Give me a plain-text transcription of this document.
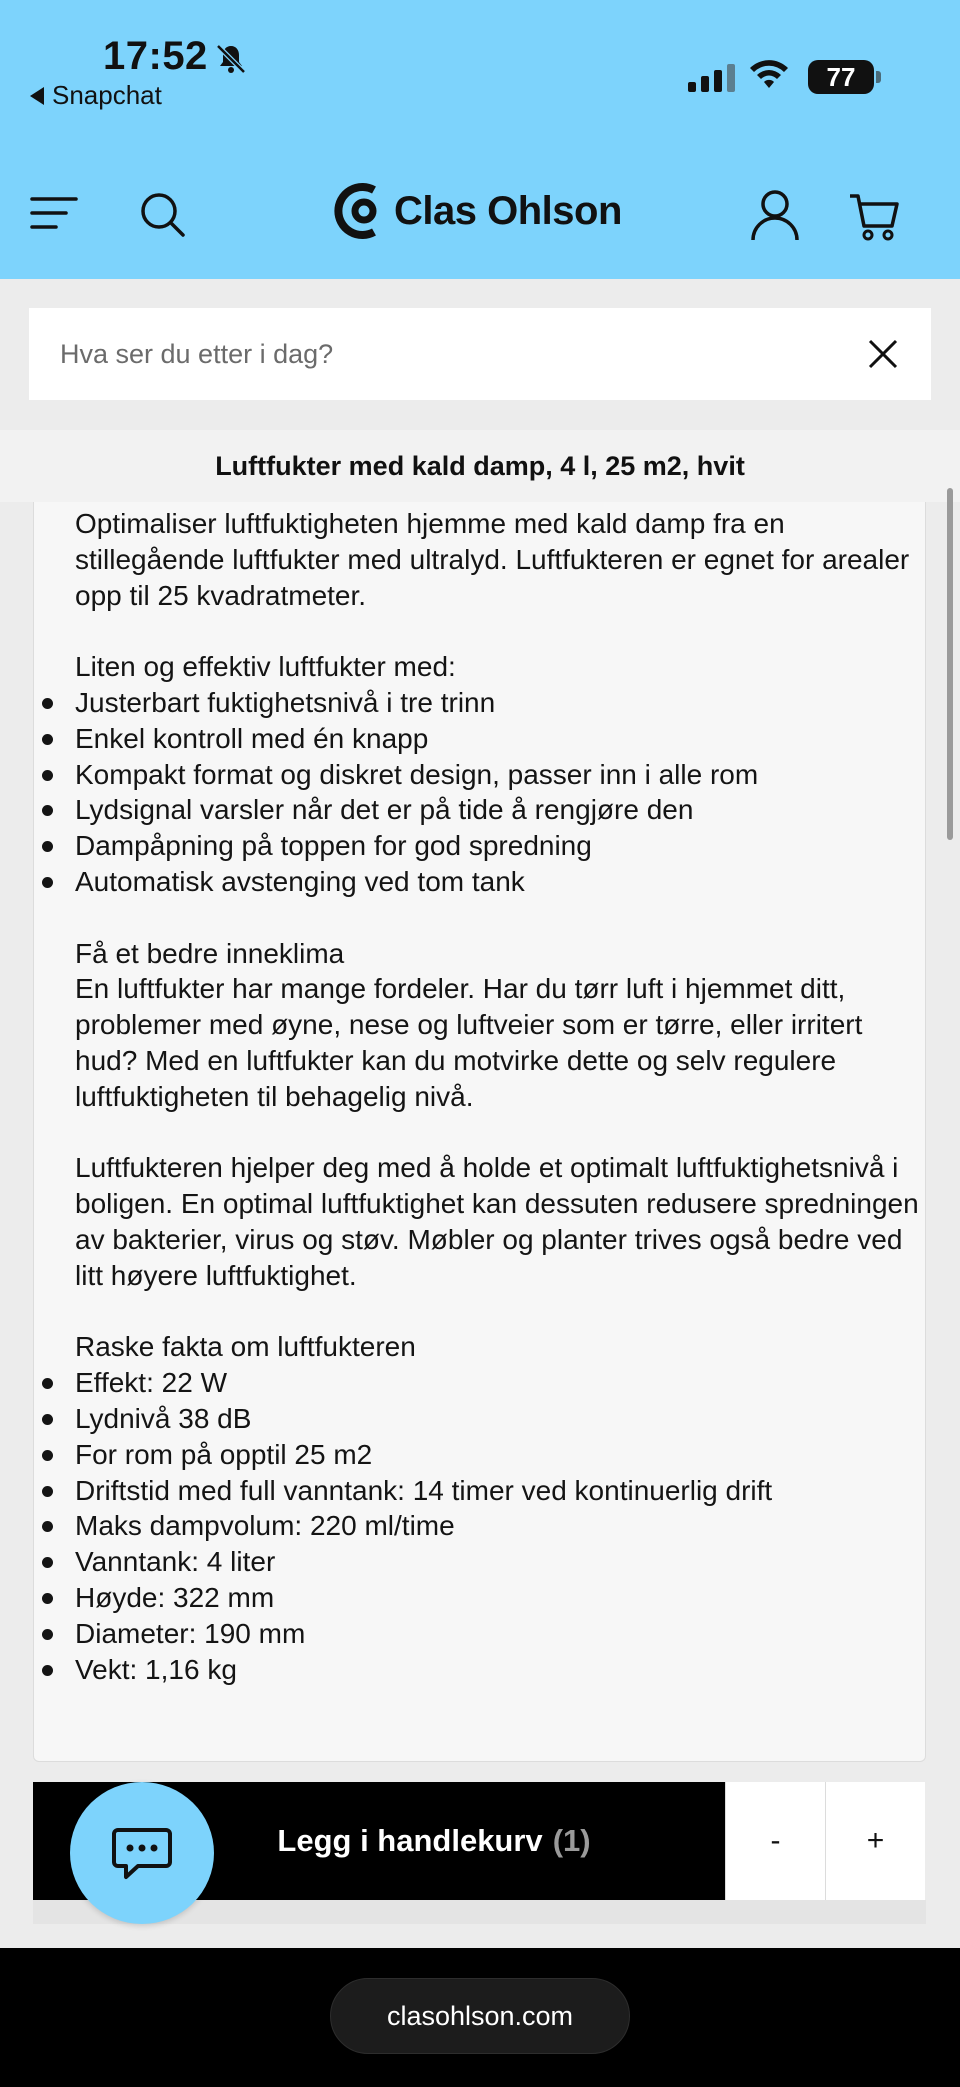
17:52
Snapchat
77
Clas Ohlson
Hva ser du etter i dag?
Luftfukter med kald damp, 4 l, 25 m2, hvit

Optimaliser luftfuktigheten hjemme med kald damp fra en stillegående luftfukter med ultralyd. Luftfukteren er egnet for arealer opp til 25 kvadratmeter.

Liten og effektiv luftfukter med:

Justerbart fuktighetsnivå i tre trinn
Enkel kontroll med én knapp
Kompakt format og diskret design, passer inn i alle rom
Lydsignal varsler når det er på tide å rengjøre den
Dampåpning på toppen for god spredning
Automatisk avstenging ved tom tank

Få et bedre inneklima

En luftfukter har mange fordeler. Har du tørr luft i hjemmet ditt, problemer med øyne, nese og luftveier som er tørre, eller irritert hud? Med en luftfukter kan du motvirke dette og selv regulere luftfuktigheten til behagelig nivå.

Luftfukteren hjelper deg med å holde et optimalt luftfuktighetsnivå i boligen. En optimal luftfuktighet kan dessuten redusere spredningen av bakterier, virus og støv. Møbler og planter trives også bedre ved litt høyere luftfuktighet.

Raske fakta om luftfukteren

Effekt: 22 W
Lydnivå 38 dB
For rom på opptil 25 m2
Driftstid med full vanntank: 14 timer ved kontinuerlig drift
Maks dampvolum: 220 ml/time
Vanntank: 4 liter
Høyde: 322 mm
Diameter: 190 mm
Vekt: 1,16 kg
Legg i handlekurv (1)	-	+
clasohlson.com
